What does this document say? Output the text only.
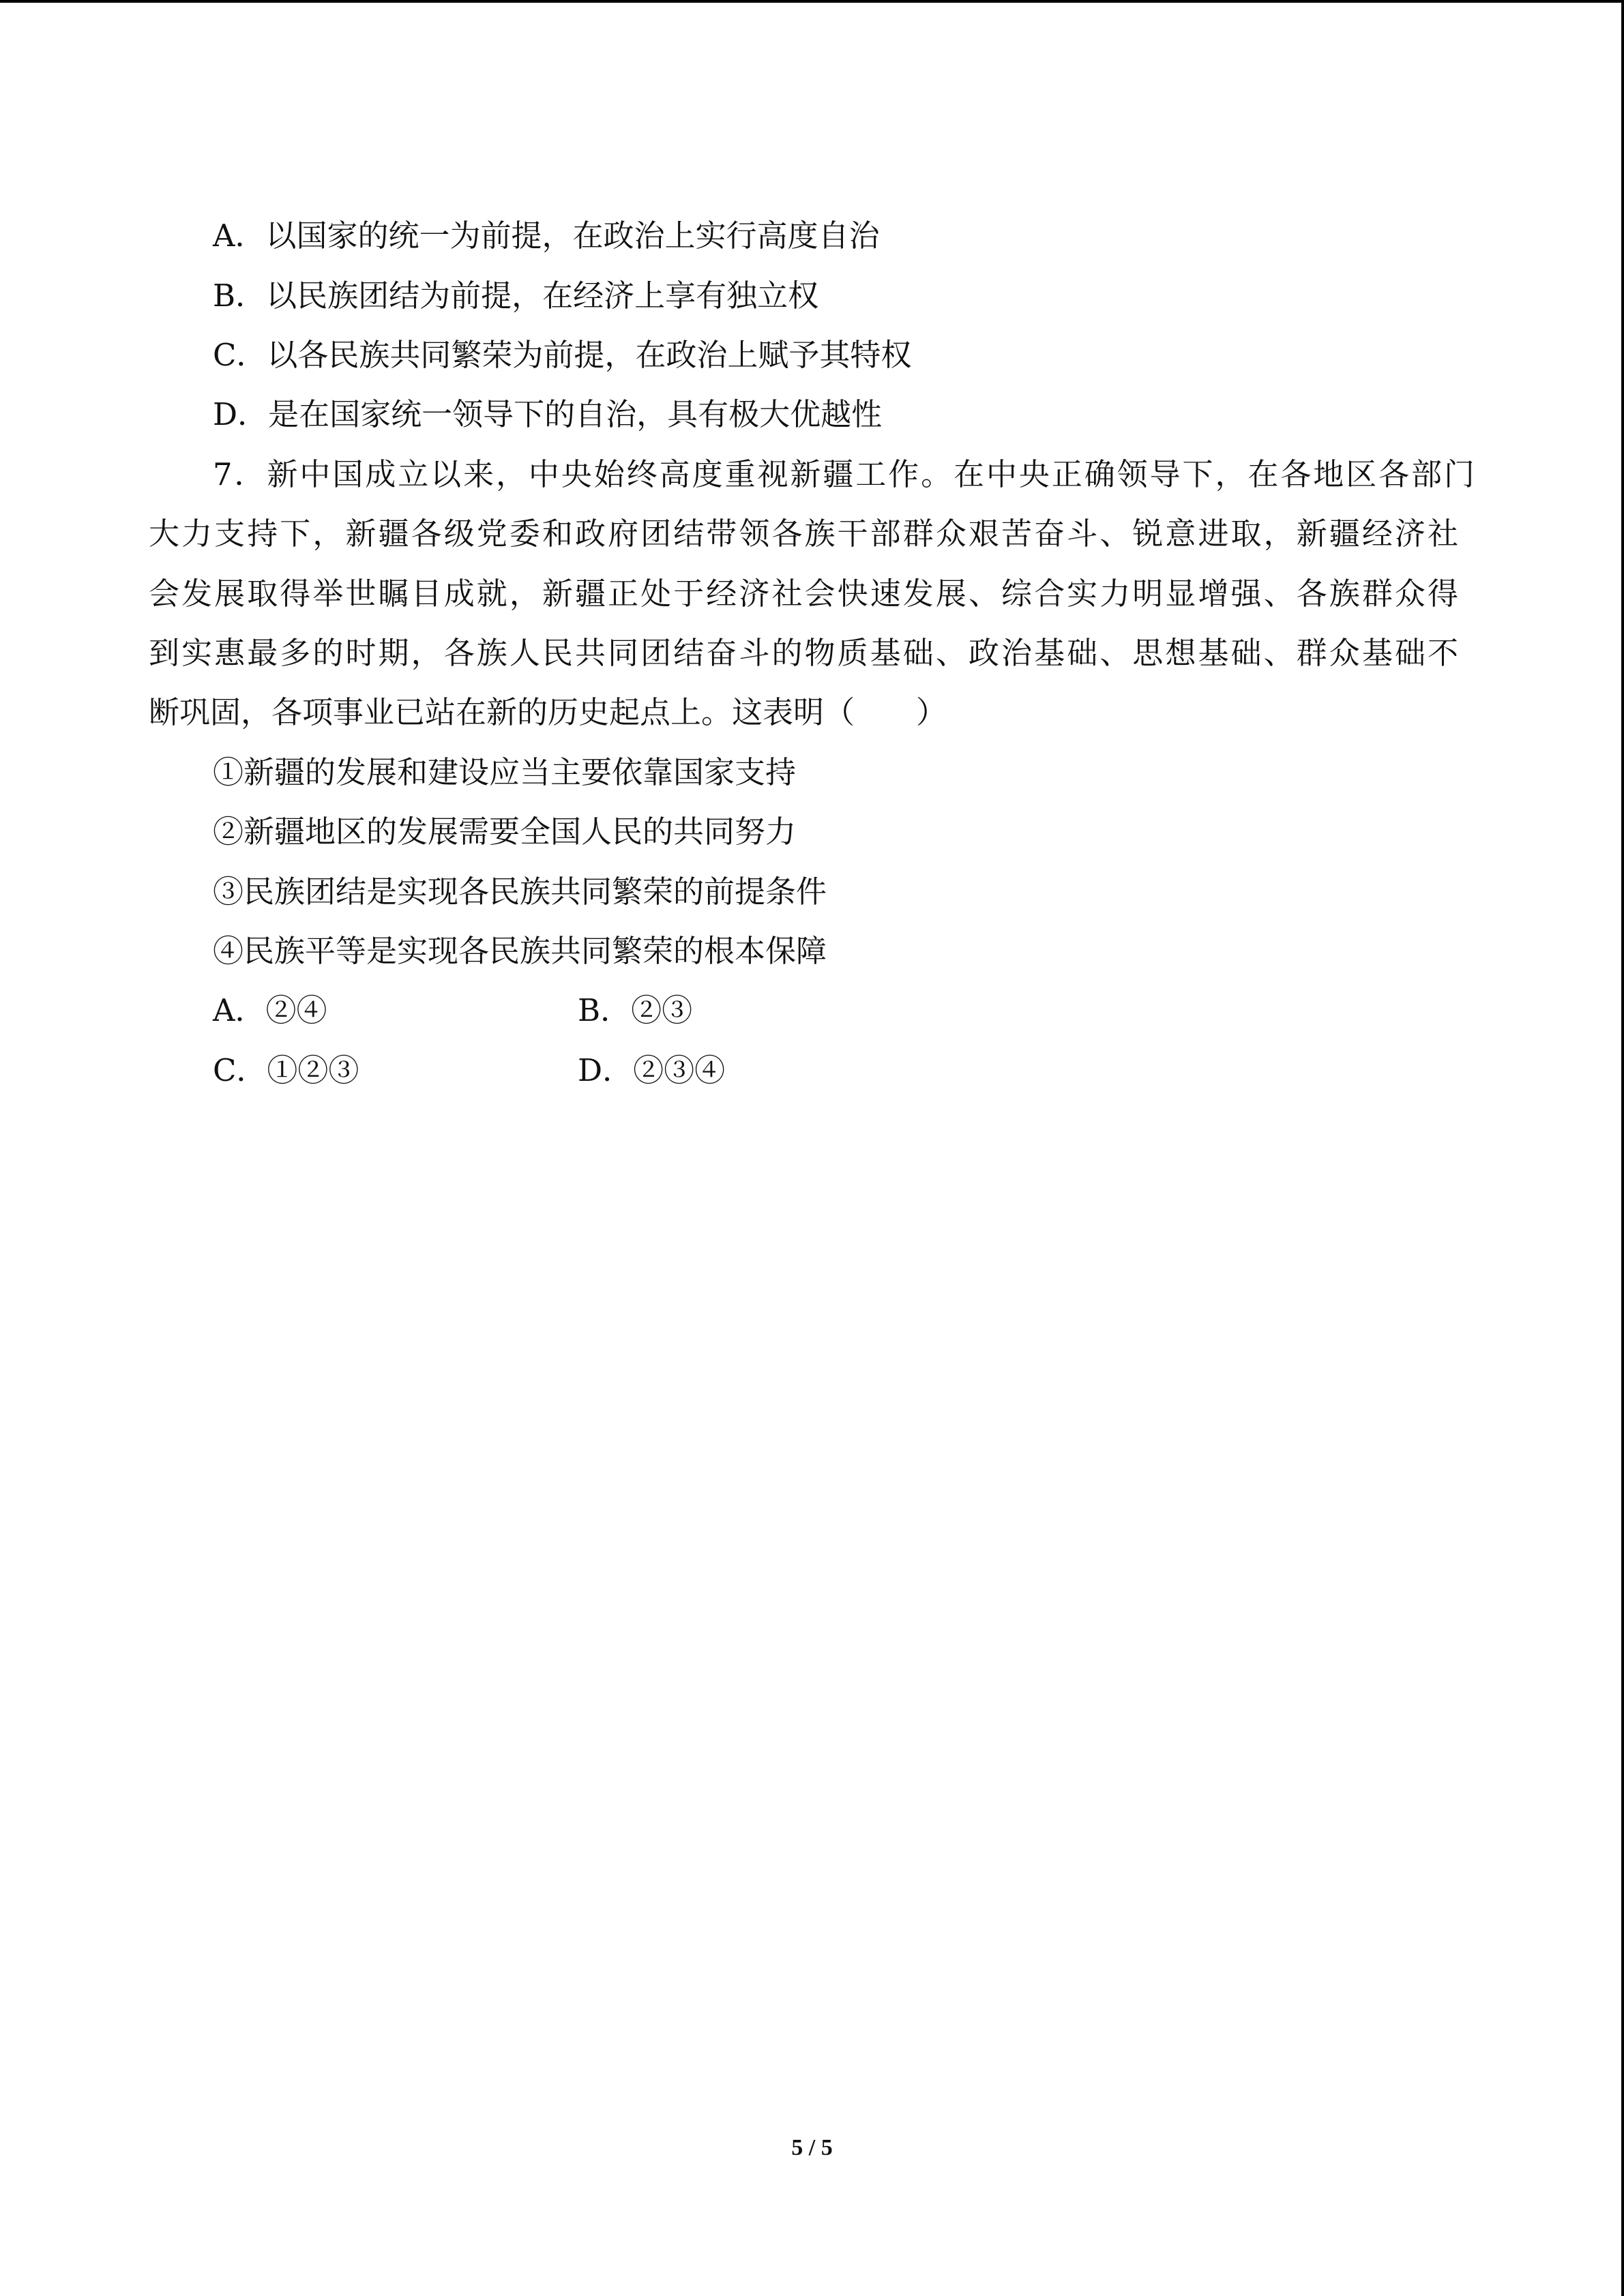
A．以国家的统一为前提，在政治上实行高度自治
B．以民族团结为前提，在经济上享有独立权
C．以各民族共同繁荣为前提，在政治上赋予其特权
D．是在国家统一领导下的自治，具有极大优越性
7．新中国成立以来，中央始终高度重视新疆工作。在中央正确领导下，在各地区各部门
大力支持下，新疆各级党委和政府团结带领各族干部群众艰苦奋斗、锐意进取，新疆经济社
会发展取得举世瞩目成就，新疆正处于经济社会快速发展、综合实力明显增强、各族群众得
到实惠最多的时期，各族人民共同团结奋斗的物质基础、政治基础、思想基础、群众基础不
断巩固，各项事业已站在新的历史起点上。这表明（　　）
①新疆的发展和建设应当主要依靠国家支持
②新疆地区的发展需要全国人民的共同努力
③民族团结是实现各民族共同繁荣的前提条件
④民族平等是实现各民族共同繁荣的根本保障
A．②④	B．②③
C．①②③	D．②③④
5 / 5
